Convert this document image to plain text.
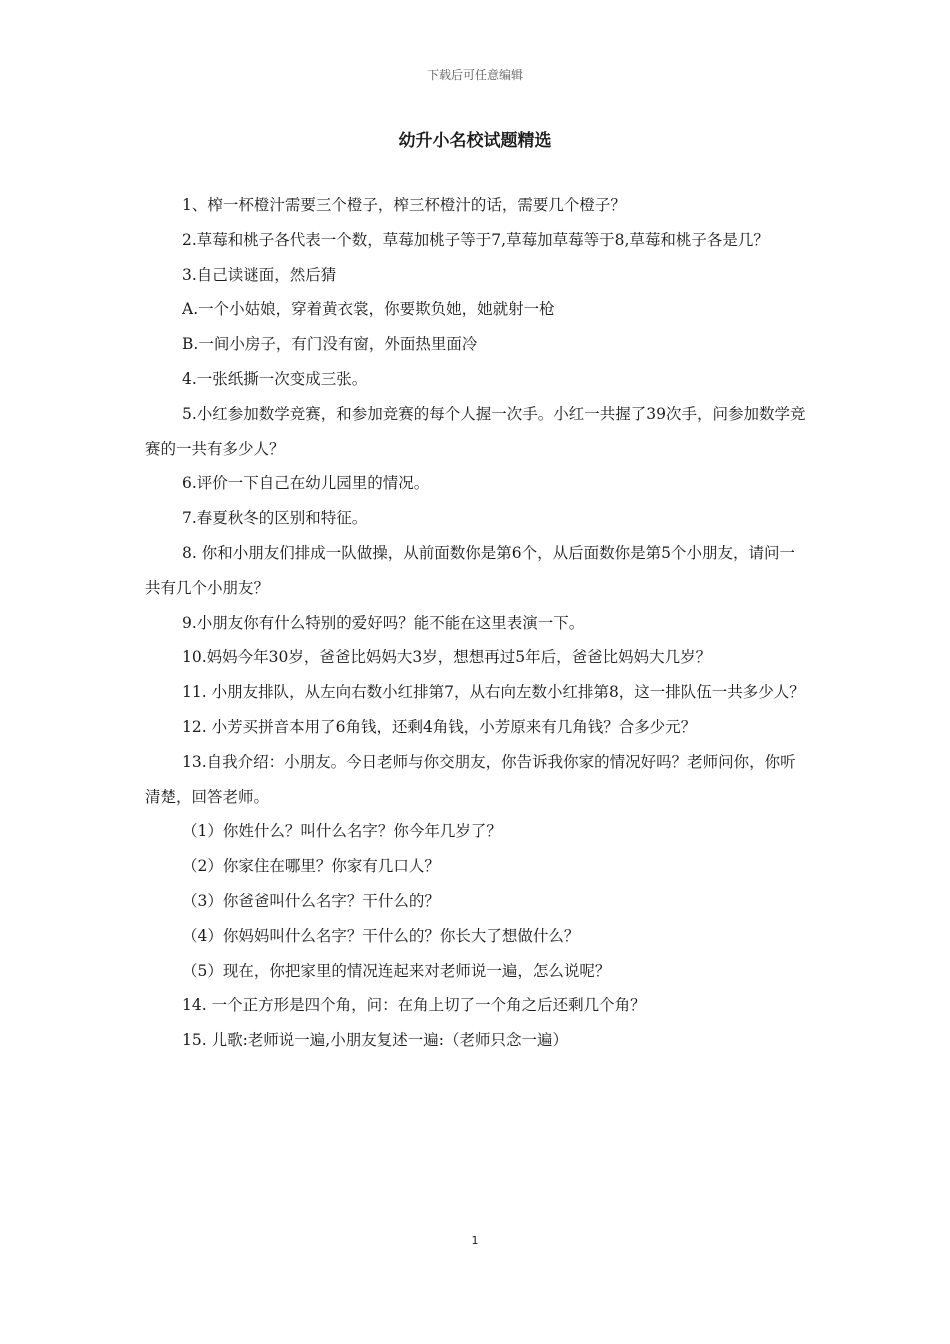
下载后可任意编辑
幼升小名校试题精选

1、榨一杯橙汁需要三个橙子，榨三杯橙汁的话，需要几个橙子？

2.草莓和桃子各代表一个数，草莓加桃子等于7,草莓加草莓等于8,草莓和桃子各是几？

3.自己读谜面，然后猜

A.一个小姑娘，穿着黄衣裳，你要欺负她，她就射一枪

B.一间小房子，有门没有窗，外面热里面冷

4.一张纸撕一次变成三张。

5.小红参加数学竞赛，和参加竞赛的每个人握一次手。小红一共握了39次手，问参加数学竞赛的一共有多少人？

6.评价一下自己在幼儿园里的情况。

7.春夏秋冬的区别和特征。

8. 你和小朋友们排成一队做操，从前面数你是第6个，从后面数你是第5个小朋友，请问一共有几个小朋友？

9.小朋友你有什么特别的爱好吗？能不能在这里表演一下。

10.妈妈今年30岁，爸爸比妈妈大3岁，想想再过5年后，爸爸比妈妈大几岁？

11. 小朋友排队，从左向右数小红排第7，从右向左数小红排第8，这一排队伍一共多少人？

12. 小芳买拼音本用了6角钱，还剩4角钱，小芳原来有几角钱？合多少元？

13.自我介绍：小朋友。今日老师与你交朋友，你告诉我你家的情况好吗？老师问你，你听清楚，回答老师。

（1）你姓什么？叫什么名字？你今年几岁了？

（2）你家住在哪里？你家有几口人？

（3）你爸爸叫什么名字？干什么的？

（4）你妈妈叫什么名字？干什么的？你长大了想做什么？

（5）现在，你把家里的情况连起来对老师说一遍，怎么说呢？

14. 一个正方形是四个角，问：在角上切了一个角之后还剩几个角？

15. 儿歌:老师说一遍,小朋友复述一遍:（老师只念一遍）

1
